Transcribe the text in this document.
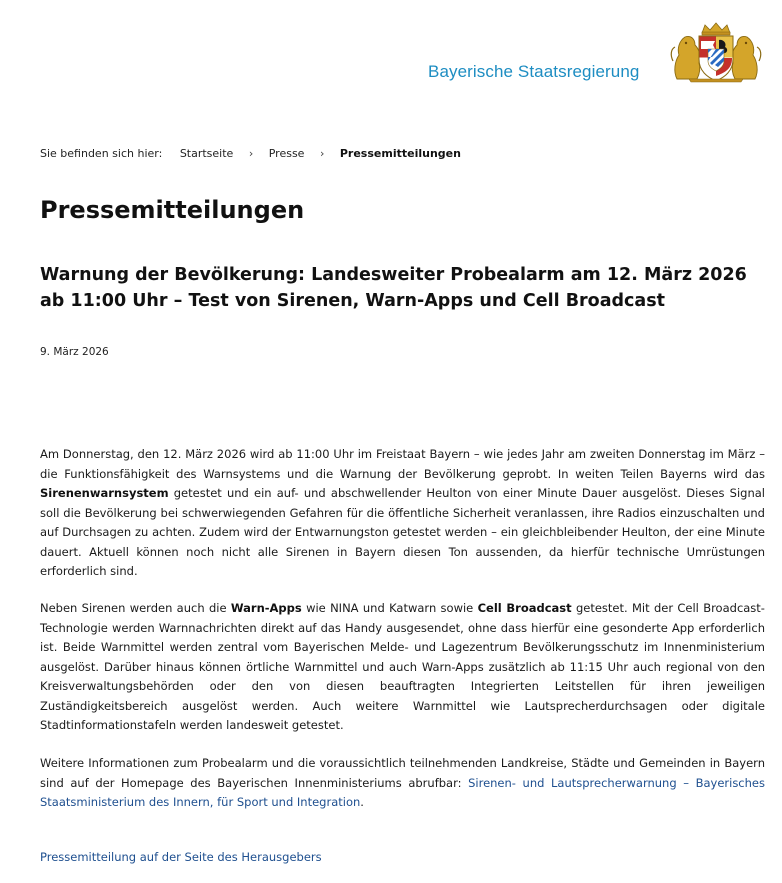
Bayerische Staatsregierung
Sie befinden sich hier: Startseite › Presse › Pressemitteilungen
Pressemitteilungen
Warnung der Bevölkerung: Landesweiter Probealarm am 12. März 2026 ab 11:00 Uhr – Test von Sirenen, Warn-Apps und Cell Broadcast
9. März 2026

Am Donnerstag, den 12. März 2026 wird ab 11:00 Uhr im Freistaat Bayern – wie jedes Jahr am zweiten Donnerstag im März – die Funktionsfähigkeit des Warnsystems und die Warnung der Bevölkerung geprobt. In weiten Teilen Bayerns wird das Sirenenwarnsystem getestet und ein auf- und abschwellender Heulton von einer Minute Dauer ausgelöst. Dieses Signal soll die Bevölkerung bei schwerwiegenden Gefahren für die öffentliche Sicherheit veranlassen, ihre Radios einzuschalten und auf Durchsagen zu achten. Zudem wird der Entwarnungston getestet werden – ein gleichbleibender Heulton, der eine Minute dauert. Aktuell können noch nicht alle Sirenen in Bayern diesen Ton aussenden, da hierfür technische Umrüstungen erforderlich sind.

Neben Sirenen werden auch die Warn-Apps wie NINA und Katwarn sowie Cell Broadcast getestet. Mit der Cell Broadcast-Technologie werden Warnnachrichten direkt auf das Handy ausgesendet, ohne dass hierfür eine gesonderte App erforderlich ist. Beide Warnmittel werden zentral vom Bayerischen Melde- und Lagezentrum Bevölkerungsschutz im Innenministerium ausgelöst. Darüber hinaus können örtliche Warnmittel und auch Warn-Apps zusätzlich ab 11:15 Uhr auch regional von den Kreisverwaltungsbehörden oder den von diesen beauftragten Integrierten Leitstellen für ihren jeweiligen Zuständigkeitsbereich ausgelöst werden. Auch weitere Warnmittel wie Lautsprecherdurchsagen oder digitale Stadtinformationstafeln werden landesweit getestet.

Weitere Informationen zum Probealarm und die voraussichtlich teilnehmenden Landkreise, Städte und Gemeinden in Bayern sind auf der Homepage des Bayerischen Innenministeriums abrufbar: Sirenen- und Lautsprecherwarnung – Bayerisches Staatsministerium des Innern, für Sport und Integration.

Pressemitteilung auf der Seite des Herausgebers
